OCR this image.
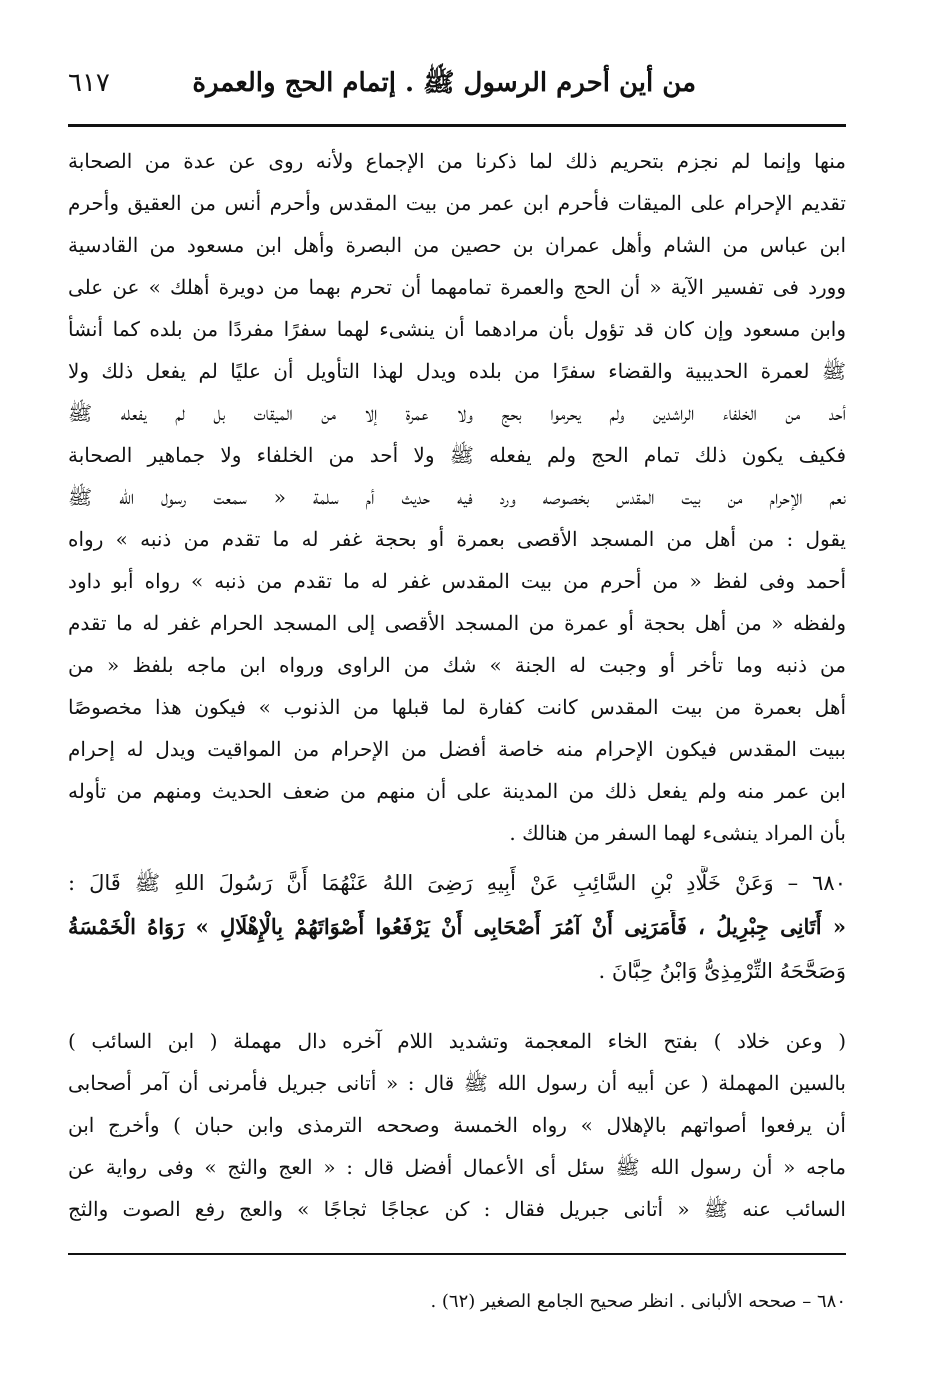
من أين أحرم الرسول ﷺ . إتمام الحج والعمرة
٦١٧
منها وإنما لم نجزم بتحريم ذلك لما ذكرنا من الإجماع ولأنه روى عن عدة من الصحابة
تقديم الإحرام على الميقات فأحرم ابن عمر من بيت المقدس وأحرم أنس من العقيق وأحرم
ابن عباس من الشام وأهل عمران بن حصين من البصرة وأهل ابن مسعود من القادسية
وورد فى تفسير الآية « أن الحج والعمرة تمامهما أن تحرم بهما من دويرة أهلك » عن على
وابن مسعود وإن كان قد تؤول بأن مرادهما أن ينشىء لهما سفرًا مفردًا من بلده كما أنشأ
ﷺ لعمرة الحديبية والقضاء سفرًا من بلده ويدل لهذا التأويل أن عليًا لم يفعل ذلك ولا
أحد من الخلفاء الراشدين ولم يحرموا بحج ولا عمرة إلا من الميقات بل لم يفعله ﷺ
فكيف يكون ذلك تمام الحج ولم يفعله ﷺ ولا أحد من الخلفاء ولا جماهير الصحابة
نعم الإحرام من بيت المقدس بخصوصه ورد فيه حديث أم سلمة « سمعت رسول الله ﷺ
يقول : من أهل من المسجد الأقصى بعمرة أو بحجة غفر له ما تقدم من ذنبه » رواه
أحمد وفى لفظ « من أحرم من بيت المقدس غفر له ما تقدم من ذنبه » رواه أبو داود
ولفظه « من أهل بحجة أو عمرة من المسجد الأقصى إلى المسجد الحرام غفر له ما تقدم
من ذنبه وما تأخر أو وجبت له الجنة » شك من الراوى ورواه ابن ماجه بلفظ « من
أهل بعمرة من بيت المقدس كانت كفارة لما قبلها من الذنوب » فيكون هذا مخصوصًا
ببيت المقدس فيكون الإحرام منه خاصة أفضل من الإحرام من المواقيت ويدل له إحرام
ابن عمر منه ولم يفعل ذلك من المدينة على أن منهم من ضعف الحديث ومنهم من تأوله
بأن المراد ينشىء لهما السفر من هنالك .
٦٨٠ – وَعَنْ خَلَّادِ بْنِ السَّائِبِ عَنْ أَبِيهِ رَضِىَ اللهُ عَنْهُمَا أَنَّ رَسُولَ اللهِ ﷺ قَالَ :
« أَتَانِى جِبْرِيلُ ، فَأَمَرَنِى أَنْ آمُرَ أَصْحَابِى أَنْ يَرْفَعُوا أَصْوَاتَهُمْ بِالْإِهْلَالِ » رَوَاهُ الْخَمْسَةُ
وَصَحَّحَهُ التِّرْمِذِىُّ وَابْنُ حِبَّانَ .
( وعن خلاد ) بفتح الخاء المعجمة وتشديد اللام آخره دال مهملة ( ابن السائب )
بالسين المهملة ( عن أبيه أن رسول الله ﷺ قال : « أتانى جبريل فأمرنى أن آمر أصحابى
أن يرفعوا أصواتهم بالإهلال » رواه الخمسة وصححه الترمذى وابن حبان ) وأخرج ابن
ماجه « أن رسول الله ﷺ سئل أى الأعمال أفضل قال : « العج والثج » وفى رواية عن
السائب عنه ﷺ « أتانى جبريل فقال : كن عجاجًا ثجاجًا » والعج رفع الصوت والثج
٦٨٠ – صححه الألبانى . انظر صحيح الجامع الصغير (٦٢) .
